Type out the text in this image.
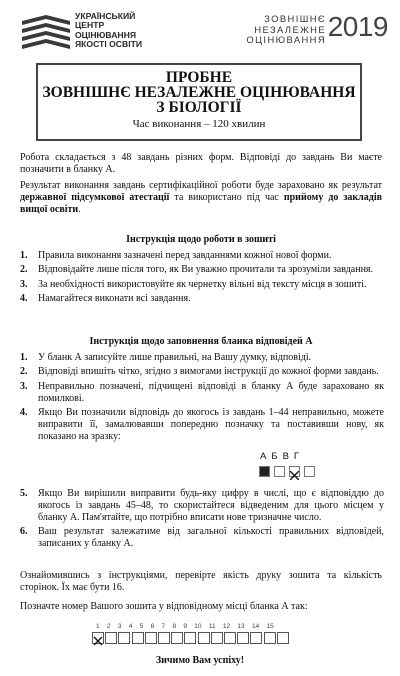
УКРАЇНСЬКИЙ
ЦЕНТР
ОЦІНЮВАННЯ
ЯКОСТІ ОСВІТИ
ЗОВНІШНЄ
НЕЗАЛЕЖНЕ
ОЦІНЮВАННЯ 2019
ПРОБНЕ
ЗОВНІШНЄ НЕЗАЛЕЖНЕ ОЦІНЮВАННЯ
З БІОЛОГІЇ
Час виконання – 120 хвилин
Робота складається з 48 завдань різних форм. Відповіді до завдань Ви маєте позначити в бланку А.
Результат виконання завдань сертифікаційної роботи буде зараховано як результат державної підсумкової атестації та використано під час прийому до закладів вищої освіти.
Інструкція щодо роботи в зошиті
1. Правила виконання зазначені перед завданнями кожної нової форми.
2. Відповідайте лише після того, як Ви уважно прочитали та зрозуміли завдання.
3. За необхідності використовуйте як чернетку вільні від тексту місця в зошиті.
4. Намагайтеся виконати всі завдання.
Інструкція щодо заповнення бланка відповідей А
1. У бланк А записуйте лише правильні, на Вашу думку, відповіді.
2. Відповіді впишіть чітко, згідно з вимогами інструкції до кожної форми завдань.
3. Неправильно позначені, підчищені відповіді в бланку А буде зараховано як помилкові.
4. Якщо Ви позначили відповідь до якогось із завдань 1–44 неправильно, можете виправити її, замалювавши попередню позначку та поставивши нову, як показано на зразку:
АБВГ
5. Якщо Ви вирішили виправити будь-яку цифру в числі, що є відповіддю до якогось із завдань 45–48, то скористайтеся відведеним для цього місцем у бланку А. Пам'ятайте, що потрібно вписати нове тризначне число.
6. Ваш результат залежатиме від загальної кількості правильних відповідей, записаних у бланку А.
Ознайомившись з інструкціями, перевірте якість друку зошита та кількість сторінок. Їх має бути 16.
Позначте номер Вашого зошита у відповідному місці бланка А так:
1 2 3 4 5 6 7 8 9 10 11 12 13 14 15
Зичимо Вам успіху!
